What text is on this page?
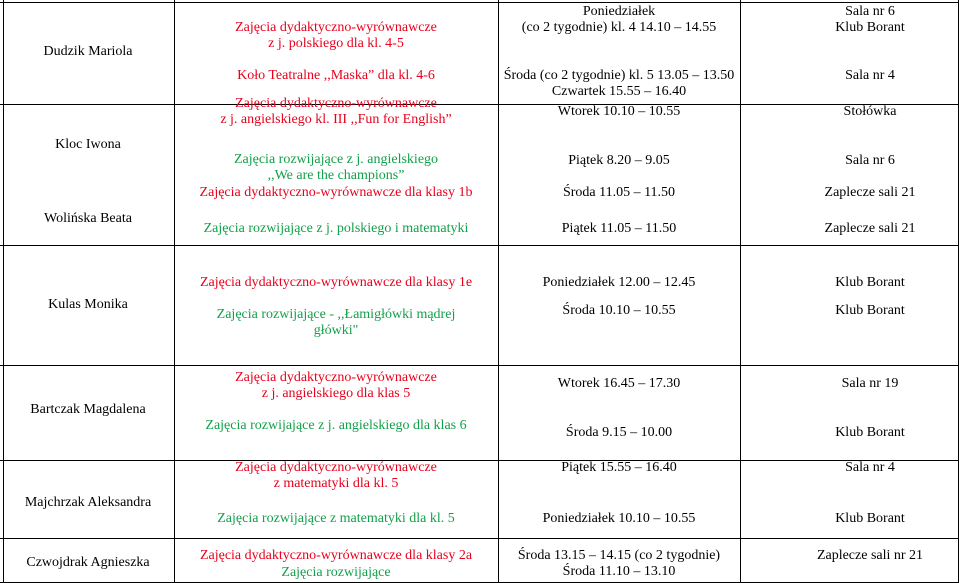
Dudzik Mariola
Zajęcia dydaktyczno-wyrównawcze
z j. polskiego dla kl. 4-5
Koło Teatralne ,,Maska” dla kl. 4-6
Poniedziałek
(co 2 tygodnie) kl. 4 14.10 – 14.55
Środa (co 2 tygodnie) kl. 5 13.05 – 13.50
Czwartek 15.55 – 16.40
Sala nr 6
Klub Borant
Sala nr 4
Kloc Iwona
Zajęcia dydaktyczno-wyrównawcze
z j. angielskiego kl. III ,,Fun for English”
Zajęcia rozwijające z j. angielskiego
,,We are the champions”
Wtorek 10.10 – 10.55
Piątek 8.20 – 9.05
Stołówka
Sala nr 6
Wolińska Beata
Zajęcia dydaktyczno-wyrównawcze dla klasy 1b
Zajęcia rozwijające z j. polskiego i matematyki
Środa 11.05 – 11.50
Piątek 11.05 – 11.50
Zaplecze sali 21
Zaplecze sali 21
Kulas Monika
Zajęcia dydaktyczno-wyrównawcze dla klasy 1e
Zajęcia rozwijające - ,,Łamigłówki mądrej
główki"
Poniedziałek 12.00 – 12.45
Środa 10.10 – 10.55
Klub Borant
Klub Borant
Bartczak Magdalena
Zajęcia dydaktyczno-wyrównawcze
z j. angielskiego dla klas 5
Zajęcia rozwijające z j. angielskiego dla klas 6
Wtorek 16.45 – 17.30
Środa 9.15 – 10.00
Sala nr 19
Klub Borant
Majchrzak Aleksandra
Zajęcia dydaktyczno-wyrównawcze
z matematyki dla kl. 5
Zajęcia rozwijające z matematyki dla kl. 5
Piątek 15.55 – 16.40
Poniedziałek 10.10 – 10.55
Sala nr 4
Klub Borant
Czwojdrak Agnieszka	Zajęcia dydaktyczno-wyrównawcze dla klasy 2a
Zajęcia rozwijające
Środa 13.15 – 14.15 (co 2 tygodnie)
Środa 11.10 – 13.10
Zaplecze sali nr 21
